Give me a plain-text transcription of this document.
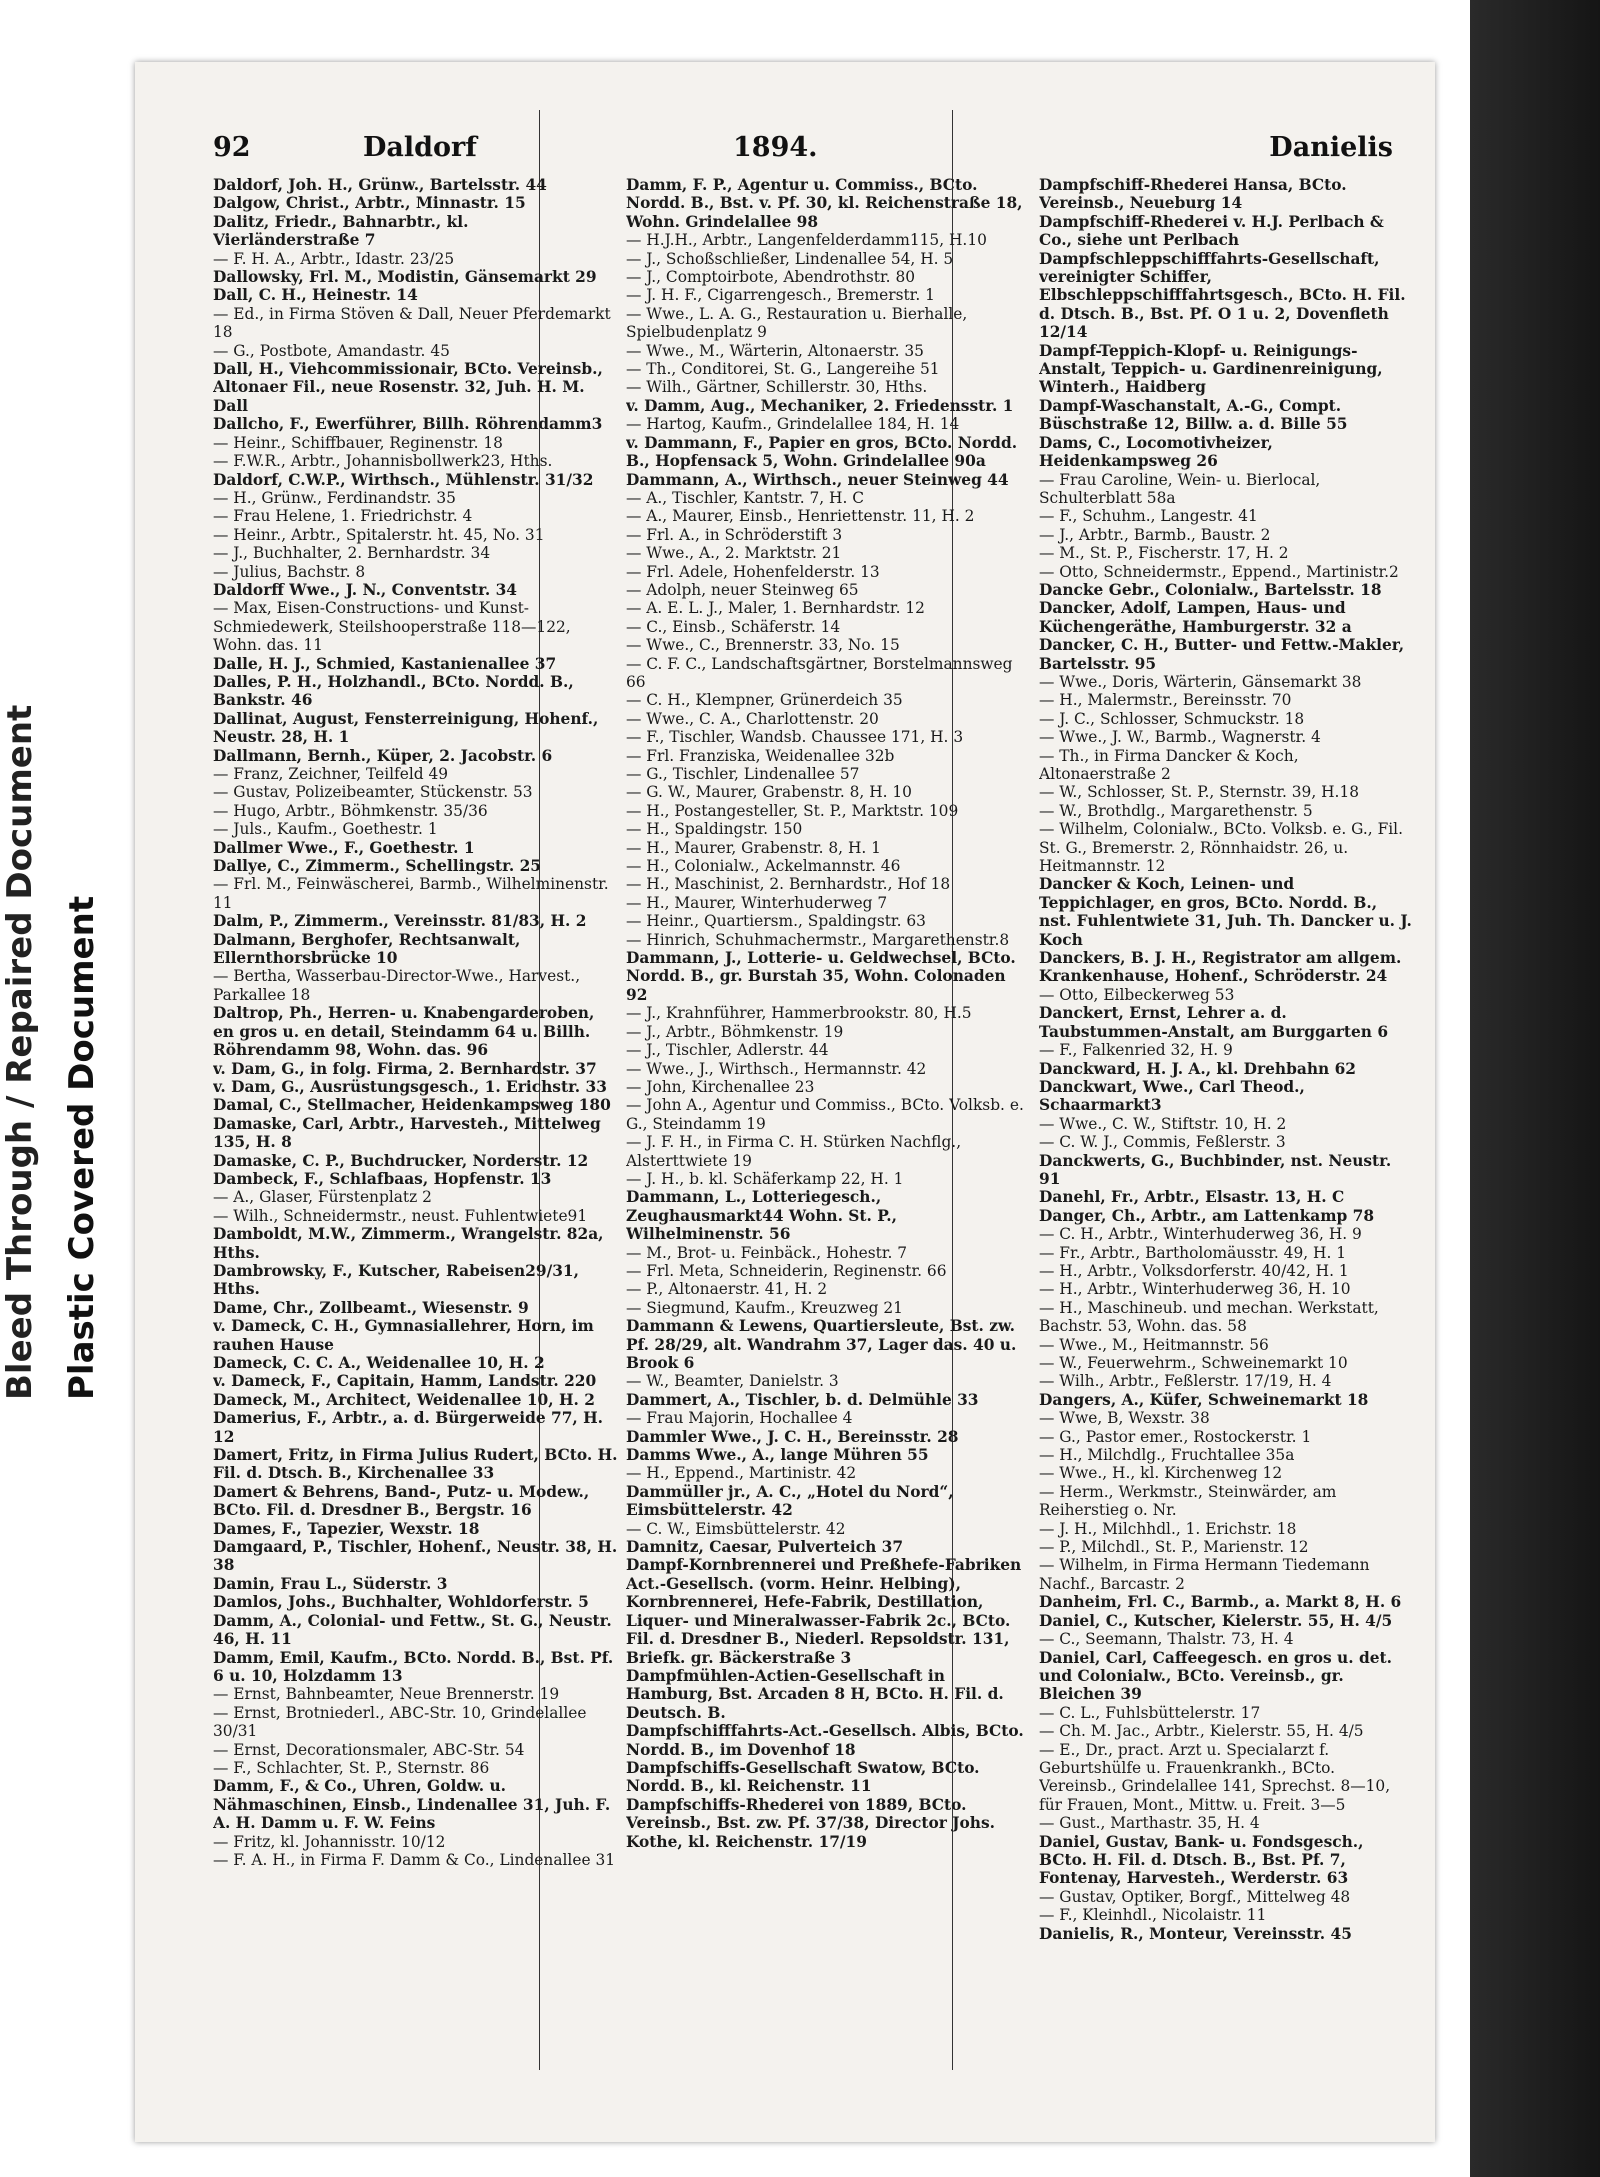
Bleed Through / Repaired Document Plastic Covered Document
92	Daldorf	1894.	Danielis

Daldorf, Joh. H., Grünw., Bartelsstr. 44

Dalgow, Christ., Arbtr., Minnastr. 15

Dalitz, Friedr., Bahnarbtr., kl. Vierländerstraße 7

— F. H. A., Arbtr., Idastr. 23/25

Dallowsky, Frl. M., Modistin, Gänsemarkt 29

Dall, C. H., Heinestr. 14

— Ed., in Firma Stöven & Dall, Neuer Pferdemarkt 18

— G., Postbote, Amandastr. 45

Dall, H., Viehcommissionair, BCto. Vereinsb., Altonaer Fil., neue Rosenstr. 32, Juh. H. M. Dall

Dallcho, F., Ewerführer, Billh. Röhrendamm3

— Heinr., Schiffbauer, Reginenstr. 18

— F.W.R., Arbtr., Johannisbollwerk23, Hths.

Daldorf, C.W.P., Wirthsch., Mühlenstr. 31/32

— H., Grünw., Ferdinandstr. 35

— Frau Helene, 1. Friedrichstr. 4

— Heinr., Arbtr., Spitalerstr. ht. 45, No. 31

— J., Buchhalter, 2. Bernhardstr. 34

— Julius, Bachstr. 8

Daldorff Wwe., J. N., Conventstr. 34

— Max, Eisen-Constructions- und Kunst-Schmiedewerk, Steilshooperstraße 118—122, Wohn. das. 11

Dalle, H. J., Schmied, Kastanienallee 37

Dalles, P. H., Holzhandl., BCto. Nordd. B., Bankstr. 46

Dallinat, August, Fensterreinigung, Hohenf., Neustr. 28, H. 1

Dallmann, Bernh., Küper, 2. Jacobstr. 6

— Franz, Zeichner, Teilfeld 49

— Gustav, Polizeibeamter, Stückenstr. 53

— Hugo, Arbtr., Böhmkenstr. 35/36

— Juls., Kaufm., Goethestr. 1

Dallmer Wwe., F., Goethestr. 1

Dallye, C., Zimmerm., Schellingstr. 25

— Frl. M., Feinwäscherei, Barmb., Wilhelminenstr. 11

Dalm, P., Zimmerm., Vereinsstr. 81/83, H. 2

Dalmann, Berghofer, Rechtsanwalt, Ellernthorsbrücke 10

— Bertha, Wasserbau-Director-Wwe., Harvest., Parkallee 18

Daltrop, Ph., Herren- u. Knabengarderoben, en gros u. en detail, Steindamm 64 u. Billh. Röhrendamm 98, Wohn. das. 96

v. Dam, G., in folg. Firma, 2. Bernhardstr. 37

v. Dam, G., Ausrüstungsgesch., 1. Erichstr. 33

Damal, C., Stellmacher, Heidenkampsweg 180

Damaske, Carl, Arbtr., Harvesteh., Mittelweg 135, H. 8

Damaske, C. P., Buchdrucker, Norderstr. 12

Dambeck, F., Schlafbaas, Hopfenstr. 13

— A., Glaser, Fürstenplatz 2

— Wilh., Schneidermstr., neust. Fuhlentwiete91

Damboldt, M.W., Zimmerm., Wrangelstr. 82a, Hths.

Dambrowsky, F., Kutscher, Rabeisen29/31, Hths.

Dame, Chr., Zollbeamt., Wiesenstr. 9

v. Dameck, C. H., Gymnasiallehrer, Horn, im rauhen Hause

Dameck, C. C. A., Weidenallee 10, H. 2

v. Dameck, F., Capitain, Hamm, Landstr. 220

Dameck, M., Architect, Weidenallee 10, H. 2

Damerius, F., Arbtr., a. d. Bürgerweide 77, H. 12

Damert, Fritz, in Firma Julius Rudert, BCto. H. Fil. d. Dtsch. B., Kirchenallee 33

Damert & Behrens, Band-, Putz- u. Modew., BCto. Fil. d. Dresdner B., Bergstr. 16

Dames, F., Tapezier, Wexstr. 18

Damgaard, P., Tischler, Hohenf., Neustr. 38, H. 38

Damin, Frau L., Süderstr. 3

Damlos, Johs., Buchhalter, Wohldorferstr. 5

Damm, A., Colonial- und Fettw., St. G., Neustr. 46, H. 11

Damm, Emil, Kaufm., BCto. Nordd. B., Bst. Pf. 6 u. 10, Holzdamm 13

— Ernst, Bahnbeamter, Neue Brennerstr. 19

— Ernst, Brotniederl., ABC-Str. 10, Grindelallee 30/31

— Ernst, Decorationsmaler, ABC-Str. 54

— F., Schlachter, St. P., Sternstr. 86

Damm, F., & Co., Uhren, Goldw. u. Nähmaschinen, Einsb., Lindenallee 31, Juh. F. A. H. Damm u. F. W. Feins

— Fritz, kl. Johannisstr. 10/12

— F. A. H., in Firma F. Damm & Co., Lindenallee 31

Damm, F. P., Agentur u. Commiss., BCto. Nordd. B., Bst. v. Pf. 30, kl. Reichenstraße 18, Wohn. Grindelallee 98

— H.J.H., Arbtr., Langenfelderdamm115, H.10

— J., Schoßschließer, Lindenallee 54, H. 5

— J., Comptoirbote, Abendrothstr. 80

— J. H. F., Cigarrengesch., Bremerstr. 1

— Wwe., L. A. G., Restauration u. Bierhalle, Spielbudenplatz 9

— Wwe., M., Wärterin, Altonaerstr. 35

— Th., Conditorei, St. G., Langereihe 51

— Wilh., Gärtner, Schillerstr. 30, Hths.

v. Damm, Aug., Mechaniker, 2. Friedensstr. 1

— Hartog, Kaufm., Grindelallee 184, H. 14

v. Dammann, F., Papier en gros, BCto. Nordd. B., Hopfensack 5, Wohn. Grindelallee 90a

Dammann, A., Wirthsch., neuer Steinweg 44

— A., Tischler, Kantstr. 7, H. C

— A., Maurer, Einsb., Henriettenstr. 11, H. 2

— Frl. A., in Schröderstift 3

— Wwe., A., 2. Marktstr. 21

— Frl. Adele, Hohenfelderstr. 13

— Adolph, neuer Steinweg 65

— A. E. L. J., Maler, 1. Bernhardstr. 12

— C., Einsb., Schäferstr. 14

— Wwe., C., Brennerstr. 33, No. 15

— C. F. C., Landschaftsgärtner, Borstelmannsweg 66

— C. H., Klempner, Grünerdeich 35

— Wwe., C. A., Charlottenstr. 20

— F., Tischler, Wandsb. Chaussee 171, H. 3

— Frl. Franziska, Weidenallee 32b

— G., Tischler, Lindenallee 57

— G. W., Maurer, Grabenstr. 8, H. 10

— H., Postangesteller, St. P., Marktstr. 109

— H., Spaldingstr. 150

— H., Maurer, Grabenstr. 8, H. 1

— H., Colonialw., Ackelmannstr. 46

— H., Maschinist, 2. Bernhardstr., Hof 18

— H., Maurer, Winterhuderweg 7

— Heinr., Quartiersm., Spaldingstr. 63

— Hinrich, Schuhmachermstr., Margarethenstr.8

Dammann, J., Lotterie- u. Geldwechsel, BCto. Nordd. B., gr. Burstah 35, Wohn. Colonaden 92

— J., Krahnführer, Hammerbrookstr. 80, H.5

— J., Arbtr., Böhmkenstr. 19

— J., Tischler, Adlerstr. 44

— Wwe., J., Wirthsch., Hermannstr. 42

— John, Kirchenallee 23

— John A., Agentur und Commiss., BCto. Volksb. e. G., Steindamm 19

— J. F. H., in Firma C. H. Stürken Nachflg., Alsterttwiete 19

— J. H., b. kl. Schäferkamp 22, H. 1

Dammann, L., Lotteriegesch., Zeughausmarkt44 Wohn. St. P., Wilhelminenstr. 56

— M., Brot- u. Feinbäck., Hohestr. 7

— Frl. Meta, Schneiderin, Reginenstr. 66

— P., Altonaerstr. 41, H. 2

— Siegmund, Kaufm., Kreuzweg 21

Dammann & Lewens, Quartiersleute, Bst. zw. Pf. 28/29, alt. Wandrahm 37, Lager das. 40 u. Brook 6

— W., Beamter, Danielstr. 3

Dammert, A., Tischler, b. d. Delmühle 33

— Frau Majorin, Hochallee 4

Dammler Wwe., J. C. H., Bereinsstr. 28

Damms Wwe., A., lange Mühren 55

— H., Eppend., Martinistr. 42

Dammüller jr., A. C., „Hotel du Nord“, Eimsbüttelerstr. 42

— C. W., Eimsbüttelerstr. 42

Damnitz, Caesar, Pulverteich 37

Dampf-Kornbrennerei und Preßhefe-Fabriken Act.-Gesellsch. (vorm. Heinr. Helbing), Kornbrennerei, Hefe-Fabrik, Destillation, Liquer- und Mineralwasser-Fabrik 2c., BCto. Fil. d. Dresdner B., Niederl. Repsoldstr. 131, Briefk. gr. Bäckerstraße 3

Dampfmühlen-Actien-Gesellschaft in Hamburg, Bst. Arcaden 8 H, BCto. H. Fil. d. Deutsch. B.

Dampfschifffahrts-Act.-Gesellsch. Albis, BCto. Nordd. B., im Dovenhof 18

Dampfschiffs-Gesellschaft Swatow, BCto. Nordd. B., kl. Reichenstr. 11

Dampfschiffs-Rhederei von 1889, BCto. Vereinsb., Bst. zw. Pf. 37/38, Director Johs. Kothe, kl. Reichenstr. 17/19

Dampfschiff-Rhederei Hansa, BCto. Vereinsb., Neueburg 14

Dampfschiff-Rhederei v. H.J. Perlbach & Co., siehe unt Perlbach

Dampfschleppschifffahrts-Gesellschaft, vereinigter Schiffer, Elbschleppschifffahrtsgesch., BCto. H. Fil. d. Dtsch. B., Bst. Pf. O 1 u. 2, Dovenfleth 12/14

Dampf-Teppich-Klopf- u. Reinigungs-Anstalt, Teppich- u. Gardinenreinigung, Winterh., Haidberg

Dampf-Waschanstalt, A.-G., Compt. Büschstraße 12, Billw. a. d. Bille 55

Dams, C., Locomotivheizer, Heidenkampsweg 26

— Frau Caroline, Wein- u. Bierlocal, Schulterblatt 58a

— F., Schuhm., Langestr. 41

— J., Arbtr., Barmb., Baustr. 2

— M., St. P., Fischerstr. 17, H. 2

— Otto, Schneidermstr., Eppend., Martinistr.2

Dancke Gebr., Colonialw., Bartelsstr. 18

Dancker, Adolf, Lampen, Haus- und Küchengeräthe, Hamburgerstr. 32 a

Dancker, C. H., Butter- und Fettw.-Makler, Bartelsstr. 95

— Wwe., Doris, Wärterin, Gänsemarkt 38

— H., Malermstr., Bereinsstr. 70

— J. C., Schlosser, Schmuckstr. 18

— Wwe., J. W., Barmb., Wagnerstr. 4

— Th., in Firma Dancker & Koch, Altonaerstraße 2

— W., Schlosser, St. P., Sternstr. 39, H.18

— W., Brothdlg., Margarethenstr. 5

— Wilhelm, Colonialw., BCto. Volksb. e. G., Fil. St. G., Bremerstr. 2, Rönnhaidstr. 26, u. Heitmannstr. 12

Dancker & Koch, Leinen- und Teppichlager, en gros, BCto. Nordd. B., nst. Fuhlentwiete 31, Juh. Th. Dancker u. J. Koch

Danckers, B. J. H., Registrator am allgem. Krankenhause, Hohenf., Schröderstr. 24

— Otto, Eilbeckerweg 53

Danckert, Ernst, Lehrer a. d. Taubstummen-Anstalt, am Burggarten 6

— F., Falkenried 32, H. 9

Danckward, H. J. A., kl. Drehbahn 62

Danckwart, Wwe., Carl Theod., Schaarmarkt3

— Wwe., C. W., Stiftstr. 10, H. 2

— C. W. J., Commis, Feßlerstr. 3

Danckwerts, G., Buchbinder, nst. Neustr. 91

Danehl, Fr., Arbtr., Elsastr. 13, H. C

Danger, Ch., Arbtr., am Lattenkamp 78

— C. H., Arbtr., Winterhuderweg 36, H. 9

— Fr., Arbtr., Bartholomäusstr. 49, H. 1

— H., Arbtr., Volksdorferstr. 40/42, H. 1

— H., Arbtr., Winterhuderweg 36, H. 10

— H., Maschineub. und mechan. Werkstatt, Bachstr. 53, Wohn. das. 58

— Wwe., M., Heitmannstr. 56

— W., Feuerwehrm., Schweinemarkt 10

— Wilh., Arbtr., Feßlerstr. 17/19, H. 4

Dangers, A., Küfer, Schweinemarkt 18

— Wwe, B, Wexstr. 38

— G., Pastor emer., Rostockerstr. 1

— H., Milchdlg., Fruchtallee 35a

— Wwe., H., kl. Kirchenweg 12

— Herm., Werkmstr., Steinwärder, am Reiherstieg o. Nr.

— J. H., Milchhdl., 1. Erichstr. 18

— P., Milchdl., St. P., Marienstr. 12

— Wilhelm, in Firma Hermann Tiedemann Nachf., Barcastr. 2

Danheim, Frl. C., Barmb., a. Markt 8, H. 6

Daniel, C., Kutscher, Kielerstr. 55, H. 4/5

— C., Seemann, Thalstr. 73, H. 4

Daniel, Carl, Caffeegesch. en gros u. det. und Colonialw., BCto. Vereinsb., gr. Bleichen 39

— C. L., Fuhlsbüttelerstr. 17

— Ch. M. Jac., Arbtr., Kielerstr. 55, H. 4/5

— E., Dr., pract. Arzt u. Specialarzt f. Geburtshülfe u. Frauenkrankh., BCto. Vereinsb., Grindelallee 141, Sprechst. 8—10, für Frauen, Mont., Mittw. u. Freit. 3—5

— Gust., Marthastr. 35, H. 4

Daniel, Gustav, Bank- u. Fondsgesch., BCto. H. Fil. d. Dtsch. B., Bst. Pf. 7, Fontenay, Harvesteh., Werderstr. 63

— Gustav, Optiker, Borgf., Mittelweg 48

— F., Kleinhdl., Nicolaistr. 11

Danielis, R., Monteur, Vereinsstr. 45
